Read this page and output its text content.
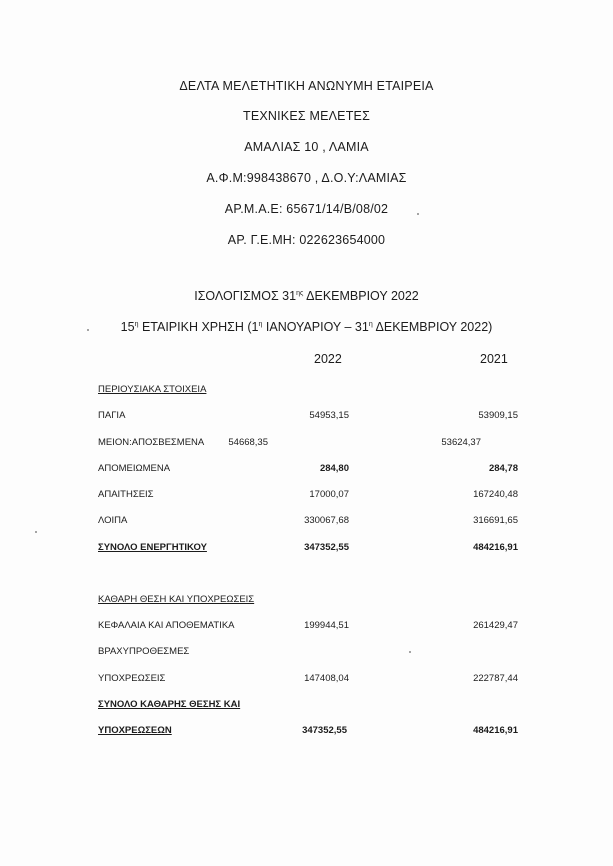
ΔΕΛΤΑ ΜΕΛΕΤΗΤΙΚΗ ΑΝΩΝΥΜΗ ΕΤΑΙΡΕΙΑ
ΤΕΧΝΙΚΕΣ ΜΕΛΕΤΕΣ
ΑΜΑΛΙΑΣ 10 , ΛΑΜΙΑ
Α.Φ.Μ:998438670 , Δ.Ο.Υ:ΛΑΜΙΑΣ
ΑΡ.Μ.Α.Ε: 65671/14/Β/08/02
ΑΡ. Γ.Ε.ΜΗ: 022623654000
ΙΣΟΛΟΓΙΣΜΟΣ $31^{\eta\varsigma}$ ΔΕΚΕΜΒΡΙΟΥ 2022
$15^\eta$ ΕΤΑΙΡΙΚΗ ΧΡΗΣΗ ($1^\eta$ ΙΑΝΟΥΑΡΙΟΥ – $31^\eta$ ΔΕΚΕΜΒΡΙΟΥ 2022)
2022	2021
ΠΕΡΙΟΥΣΙΑΚΑ ΣΤΟΙΧΕΙΑ
ΠΑΓΙΑ	54953,15	53909,15
ΜΕΙΟΝ:ΑΠΟΣΒΕΣΜΕΝΑ	54668,35	53624,37
ΑΠΟΜΕΙΩΜΕΝΑ	284,80	284,78
ΑΠΑΙΤΗΣΕΙΣ	17000,07	167240,48
ΛΟΙΠΑ	330067,68	316691,65
ΣΥΝΟΛΟ ΕΝΕΡΓΗΤΙΚΟΥ	347352,55	484216,91
ΚΑΘΑΡΗ ΘΕΣΗ ΚΑΙ ΥΠΟΧΡΕΩΣΕΙΣ
ΚΕΦΑΛΑΙΑ ΚΑΙ ΑΠΟΘΕΜΑΤΙΚΑ	199944,51	261429,47
ΒΡΑΧΥΠΡΟΘΕΣΜΕΣ
ΥΠΟΧΡΕΩΣΕΙΣ	147408,04	222787,44
ΣΥΝΟΛΟ ΚΑΘΑΡΗΣ ΘΕΣΗΣ ΚΑΙ
ΥΠΟΧΡΕΩΣΕΩΝ	347352,55	484216,91
